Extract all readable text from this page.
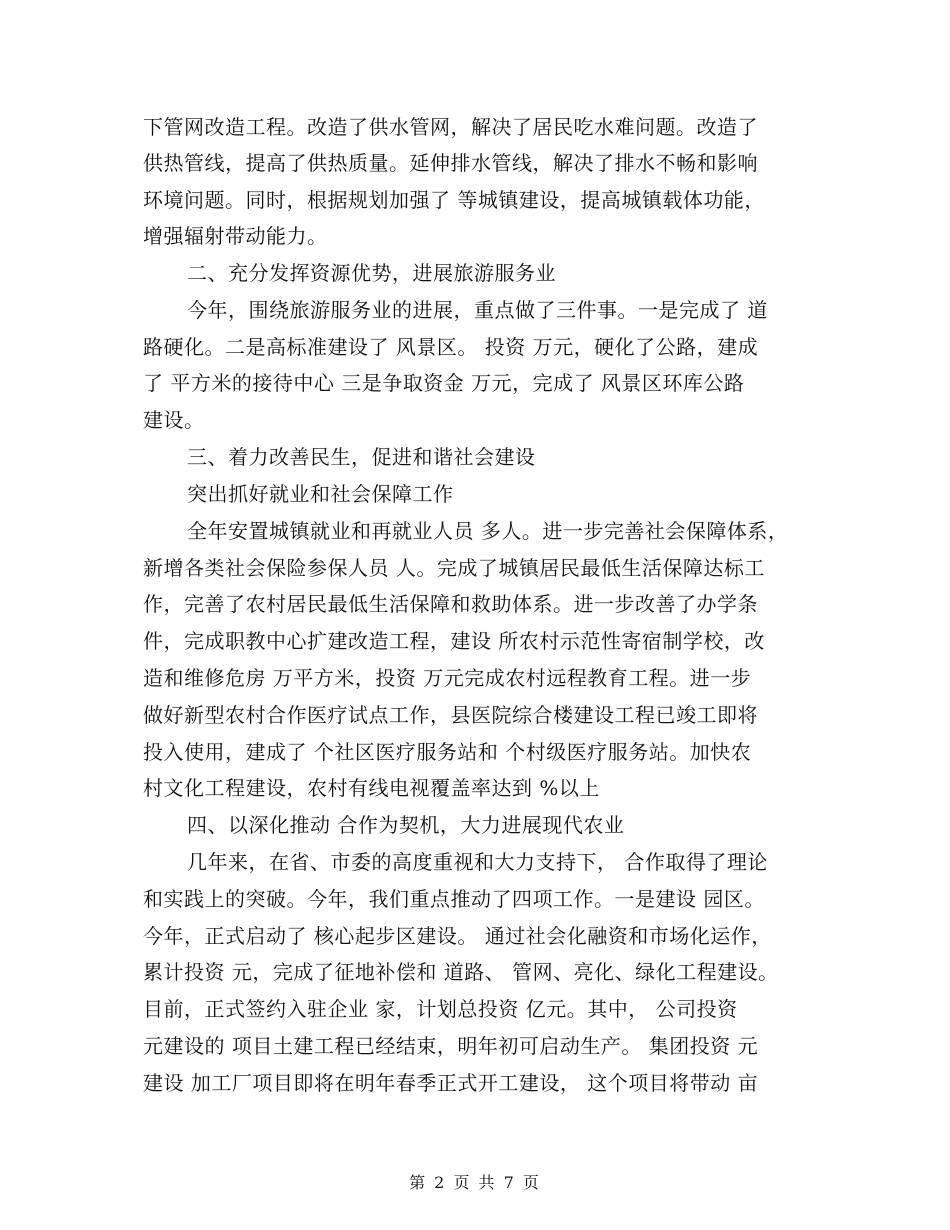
下管网改造工程。改造了供水管网，解决了居民吃水难问题。改造了
供热管线，提高了供热质量。延伸排水管线，解决了排水不畅和影响
环境问题。同时，根据规划加强了 等城镇建设，提高城镇载体功能，
增强辐射带动能力。
二、充分发挥资源优势，进展旅游服务业
今年，围绕旅游服务业的进展，重点做了三件事。一是完成了 道
路硬化。二是高标准建设了 风景区。 投资 万元，硬化了公路，建成
了 平方米的接待中心 三是争取资金 万元，完成了 风景区环库公路
建设。
三、着力改善民生，促进和谐社会建设
突出抓好就业和社会保障工作
全年安置城镇就业和再就业人员 多人。进一步完善社会保障体系，
新增各类社会保险参保人员 人。完成了城镇居民最低生活保障达标工
作，完善了农村居民最低生活保障和救助体系。进一步改善了办学条
件，完成职教中心扩建改造工程，建设 所农村示范性寄宿制学校，改
造和维修危房 万平方米，投资 万元完成农村远程教育工程。进一步
做好新型农村合作医疗试点工作，县医院综合楼建设工程已竣工即将
投入使用，建成了 个社区医疗服务站和 个村级医疗服务站。加快农
村文化工程建设，农村有线电视覆盖率达到 %以上
四、以深化推动 合作为契机，大力进展现代农业
几年来，在省、市委的高度重视和大力支持下， 合作取得了理论
和实践上的突破。今年，我们重点推动了四项工作。一是建设 园区。
今年，正式启动了 核心起步区建设。 通过社会化融资和市场化运作，
累计投资 元，完成了征地补偿和 道路、 管网、亮化、绿化工程建设。
目前，正式签约入驻企业 家，计划总投资 亿元。其中， 公司投资
元建设的 项目土建工程已经结束，明年初可启动生产。 集团投资 元
建设 加工厂项目即将在明年春季正式开工建设， 这个项目将带动 亩
第 2 页 共 7 页
